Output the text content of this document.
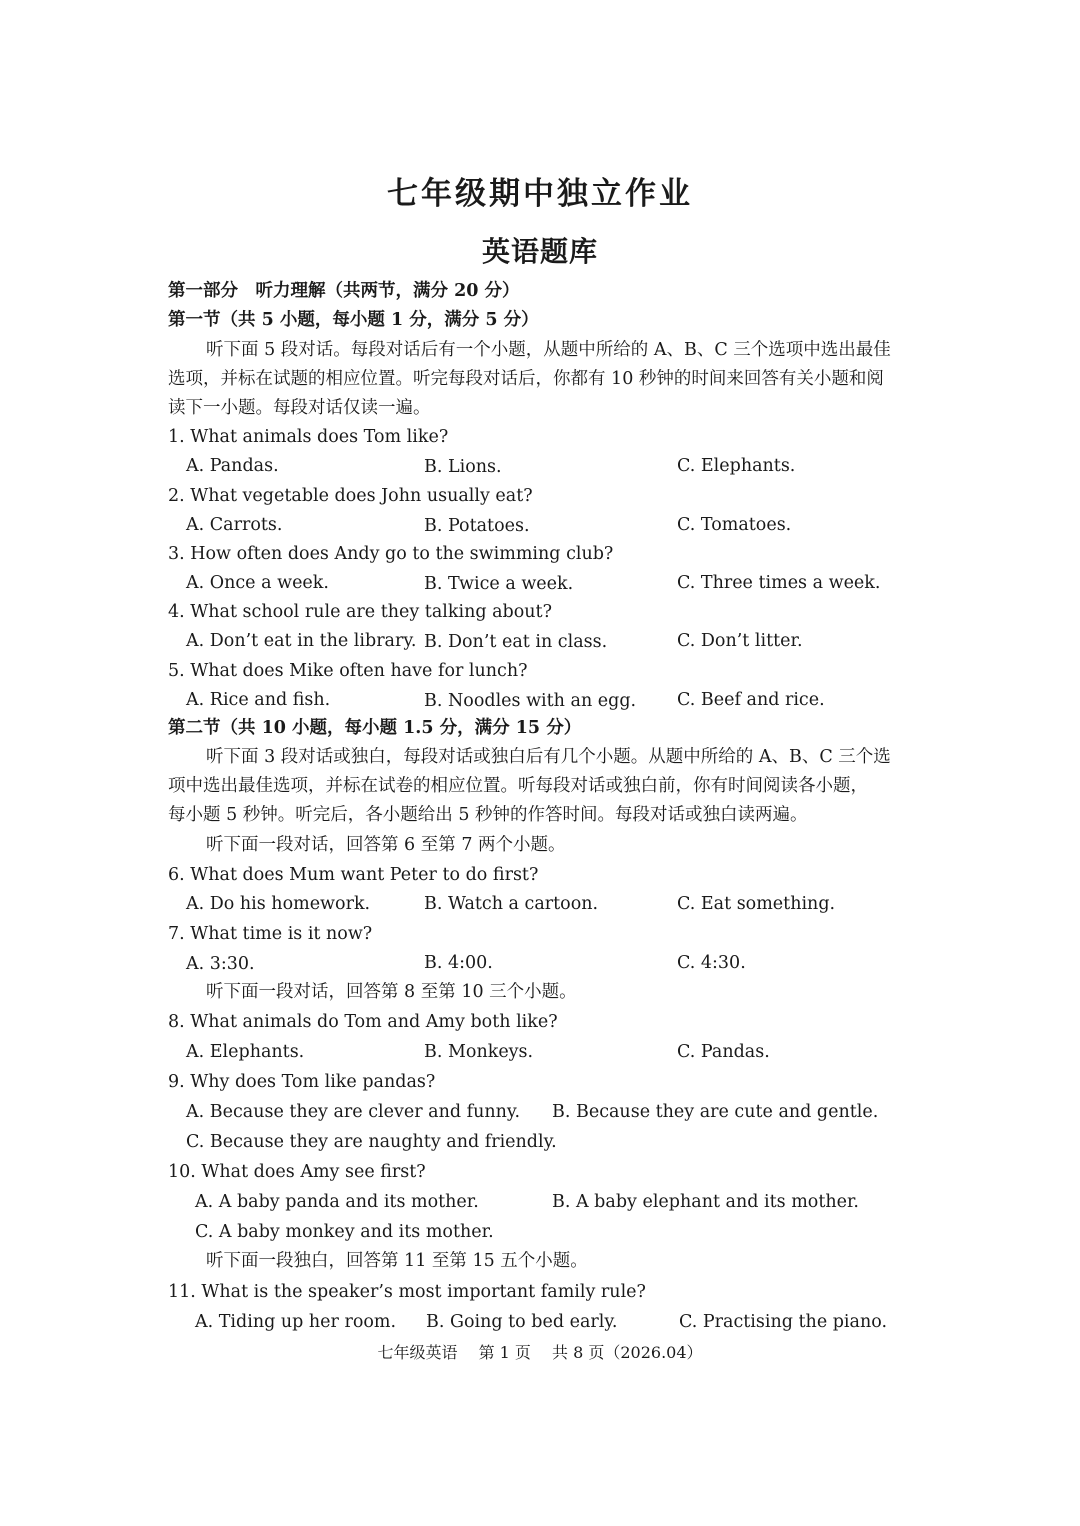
七年级期中独立作业
英语题库
第一部分　听力理解（共两节，满分 20 分）
第一节（共 5 小题，每小题 1 分，满分 5 分）
听下面 5 段对话。每段对话后有一个小题，从题中所给的 A、B、C 三个选项中选出最佳
选项，并标在试题的相应位置。听完每段对话后，你都有 10 秒钟的时间来回答有关小题和阅
读下一小题。每段对话仅读一遍。
1. What animals does Tom like?
A. Pandas.	B. Lions.	C. Elephants.
2. What vegetable does John usually eat?
A. Carrots.	B. Potatoes.	C. Tomatoes.
3. How often does Andy go to the swimming club?
A. Once a week.	B. Twice a week.	C. Three times a week.
4. What school rule are they talking about?
A. Don’t eat in the library. B. Don’t eat in class.	C. Don’t litter.
5. What does Mike often have for lunch?
A. Rice and fish.	B. Noodles with an egg. C. Beef and rice.
第二节（共 10 小题，每小题 1.5 分，满分 15 分）
听下面 3 段对话或独白，每段对话或独白后有几个小题。从题中所给的 A、B、C 三个选
项中选出最佳选项，并标在试卷的相应位置。听每段对话或独白前，你有时间阅读各小题，
每小题 5 秒钟。听完后，各小题给出 5 秒钟的作答时间。每段对话或独白读两遍。
听下面一段对话，回答第 6 至第 7 两个小题。
6. What does Mum want Peter to do first?
A. Do his homework.	B. Watch a cartoon.	C. Eat something.
7. What time is it now?
A. 3:30.	B. 4:00.	C. 4:30.
听下面一段对话，回答第 8 至第 10 三个小题。
8. What animals do Tom and Amy both like?
A. Elephants.	B. Monkeys.	C. Pandas.
9. Why does Tom like pandas?
A. Because they are clever and funny. B. Because they are cute and gentle.
C. Because they are naughty and friendly.
10. What does Amy see first?
A. A baby panda and its mother.	B. A baby elephant and its mother.
C. A baby monkey and its mother.
听下面一段独白，回答第 11 至第 15 五个小题。
11. What is the speaker’s most important family rule?
A. Tiding up her room. B. Going to bed early.	C. Practising the piano.
七年级英语 第 1 页 共 8 页（2026.04）
